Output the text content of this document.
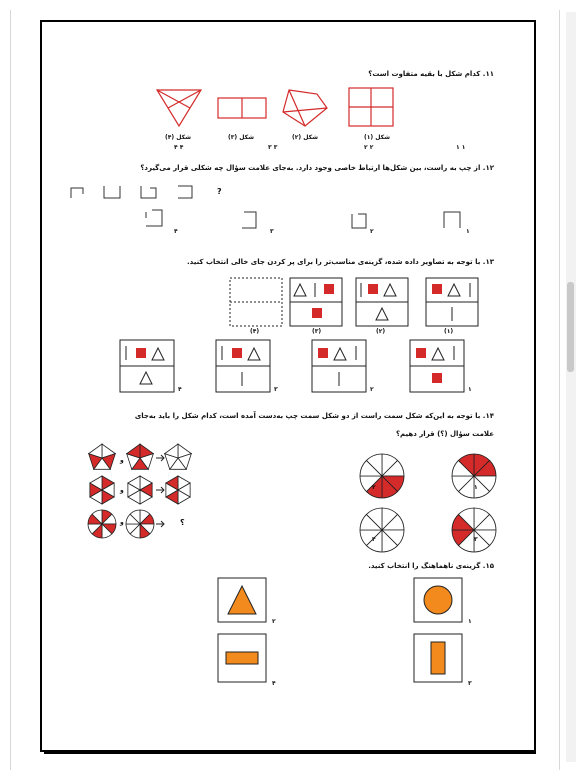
۱۱. کدام شکل با بقیه متفاوت است؟
شکل (۴)	شکل (۳)	شکل (۲)	شکل (۱)
۴ ۴	۳ ۳	۲ ۲	۱ ۱
۱۲. از چپ به راست، بین شکل‌ها ارتباط خاصی وجود دارد. به‌جای علامت سؤال چه شکلی قرار می‌گیرد؟
?
۴	۳	۲	۱
۱۳. با توجه به تصاویر داده شده، گزینه‌ی مناسب‌تر را برای پر کردن جای خالی انتخاب کنید.
(۴)	(۳)	(۲)	(۱)
۴	۳	۲	۱
۱۴. با توجه به این‌که شکل سمت راست از دو شکل سمت چپ به‌دست آمده است، کدام شکل را باید به‌جای
علامت سؤال (؟) قرار دهیم؟
و
و
و	؟
۲	۱
۴	۳
۱۵. گزینه‌ی ناهماهنگ را انتخاب کنید.
۲	۱
۴	۳
